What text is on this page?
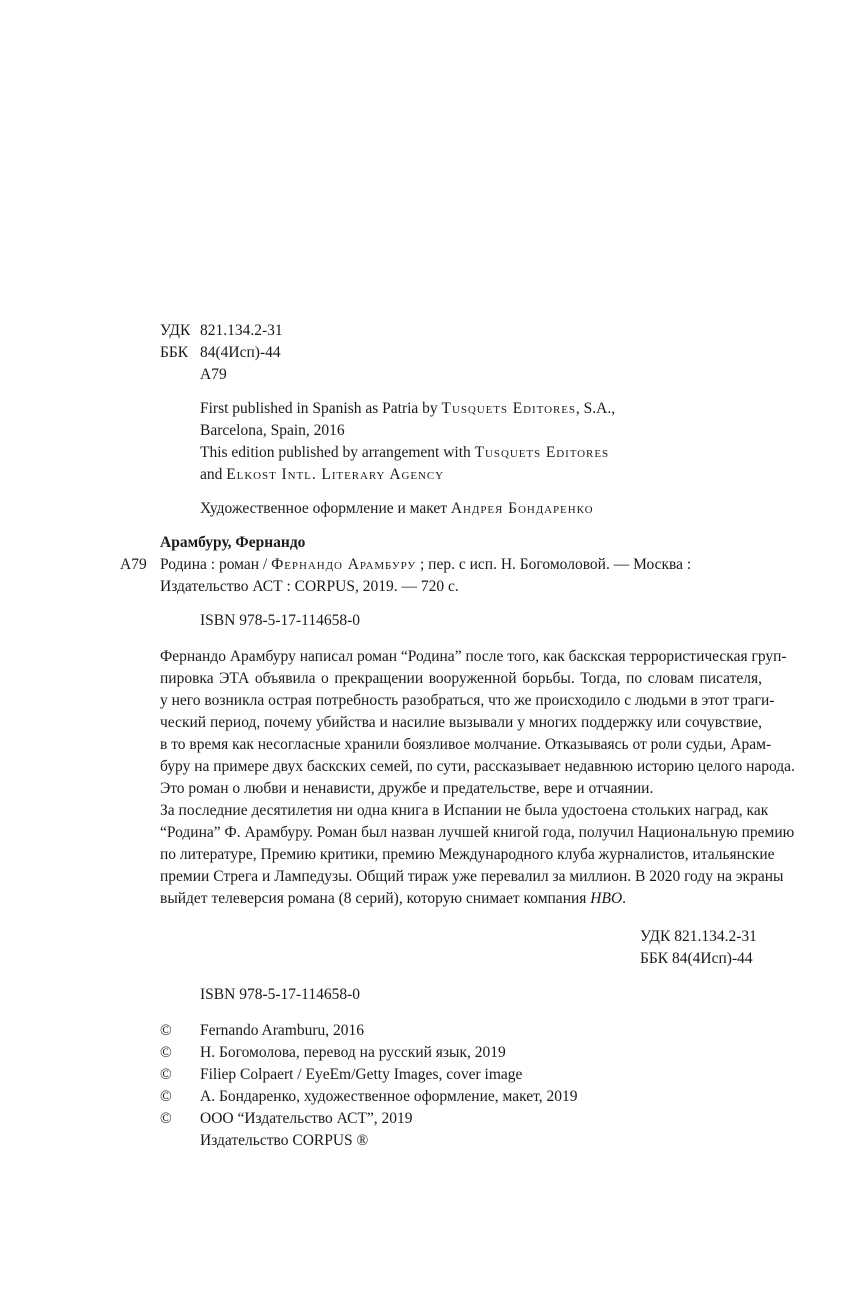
УДК 821.134.2-31
ББК 84(4Исп)-44
А79
First published in Spanish as Patria by Tusquets Editores, S.A.,
Barcelona, Spain, 2016
This edition published by arrangement with Tusquets Editores
and Elkost Intl. Literary Agency
Художественное оформление и макет Андрея Бондаренко
Арамбуру, Фернандо
А79 Родина : роман / Фернандо Арамбуру ; пер. с исп. Н. Богомоловой. — Москва :
Издательство АСТ : CORPUS, 2019. — 720 с.
ISBN 978-5-17-114658-0
Фернандо Арамбуру написал роман “Родина” после того, как баскская террористическая груп-
пировка ЭТА объявила о прекращении вооруженной борьбы. Тогда, по словам писателя,
у него возникла острая потребность разобраться, что же происходило с людьми в этот траги-
ческий период, почему убийства и насилие вызывали у многих поддержку или сочувствие,
в то время как несогласные хранили боязливое молчание. Отказываясь от роли судьи, Арам-
буру на примере двух баскских семей, по сути, рассказывает недавнюю историю целого народа.
Это роман о любви и ненависти, дружбе и предательстве, вере и отчаянии.
За последние десятилетия ни одна книга в Испании не была удостоена стольких наград, как
“Родина” Ф. Арамбуру. Роман был назван лучшей книгой года, получил Национальную премию
по литературе, Премию критики, премию Международного клуба журналистов, итальянские
премии Стрега и Лампедузы. Общий тираж уже перевалил за миллион. В 2020 году на экраны
выйдет телеверсия романа (8 серий), которую снимает компания HBO.
УДК 821.134.2-31
ББК 84(4Исп)-44
ISBN 978-5-17-114658-0
© Fernando Aramburu, 2016
© Н. Богомолова, перевод на русский язык, 2019
© Filiep Colpaert / EyeEm/Getty Images, cover image
© А. Бондаренко, художественное оформление, макет, 2019
© ООО “Издательство АСТ”, 2019
Издательство CORPUS ®
